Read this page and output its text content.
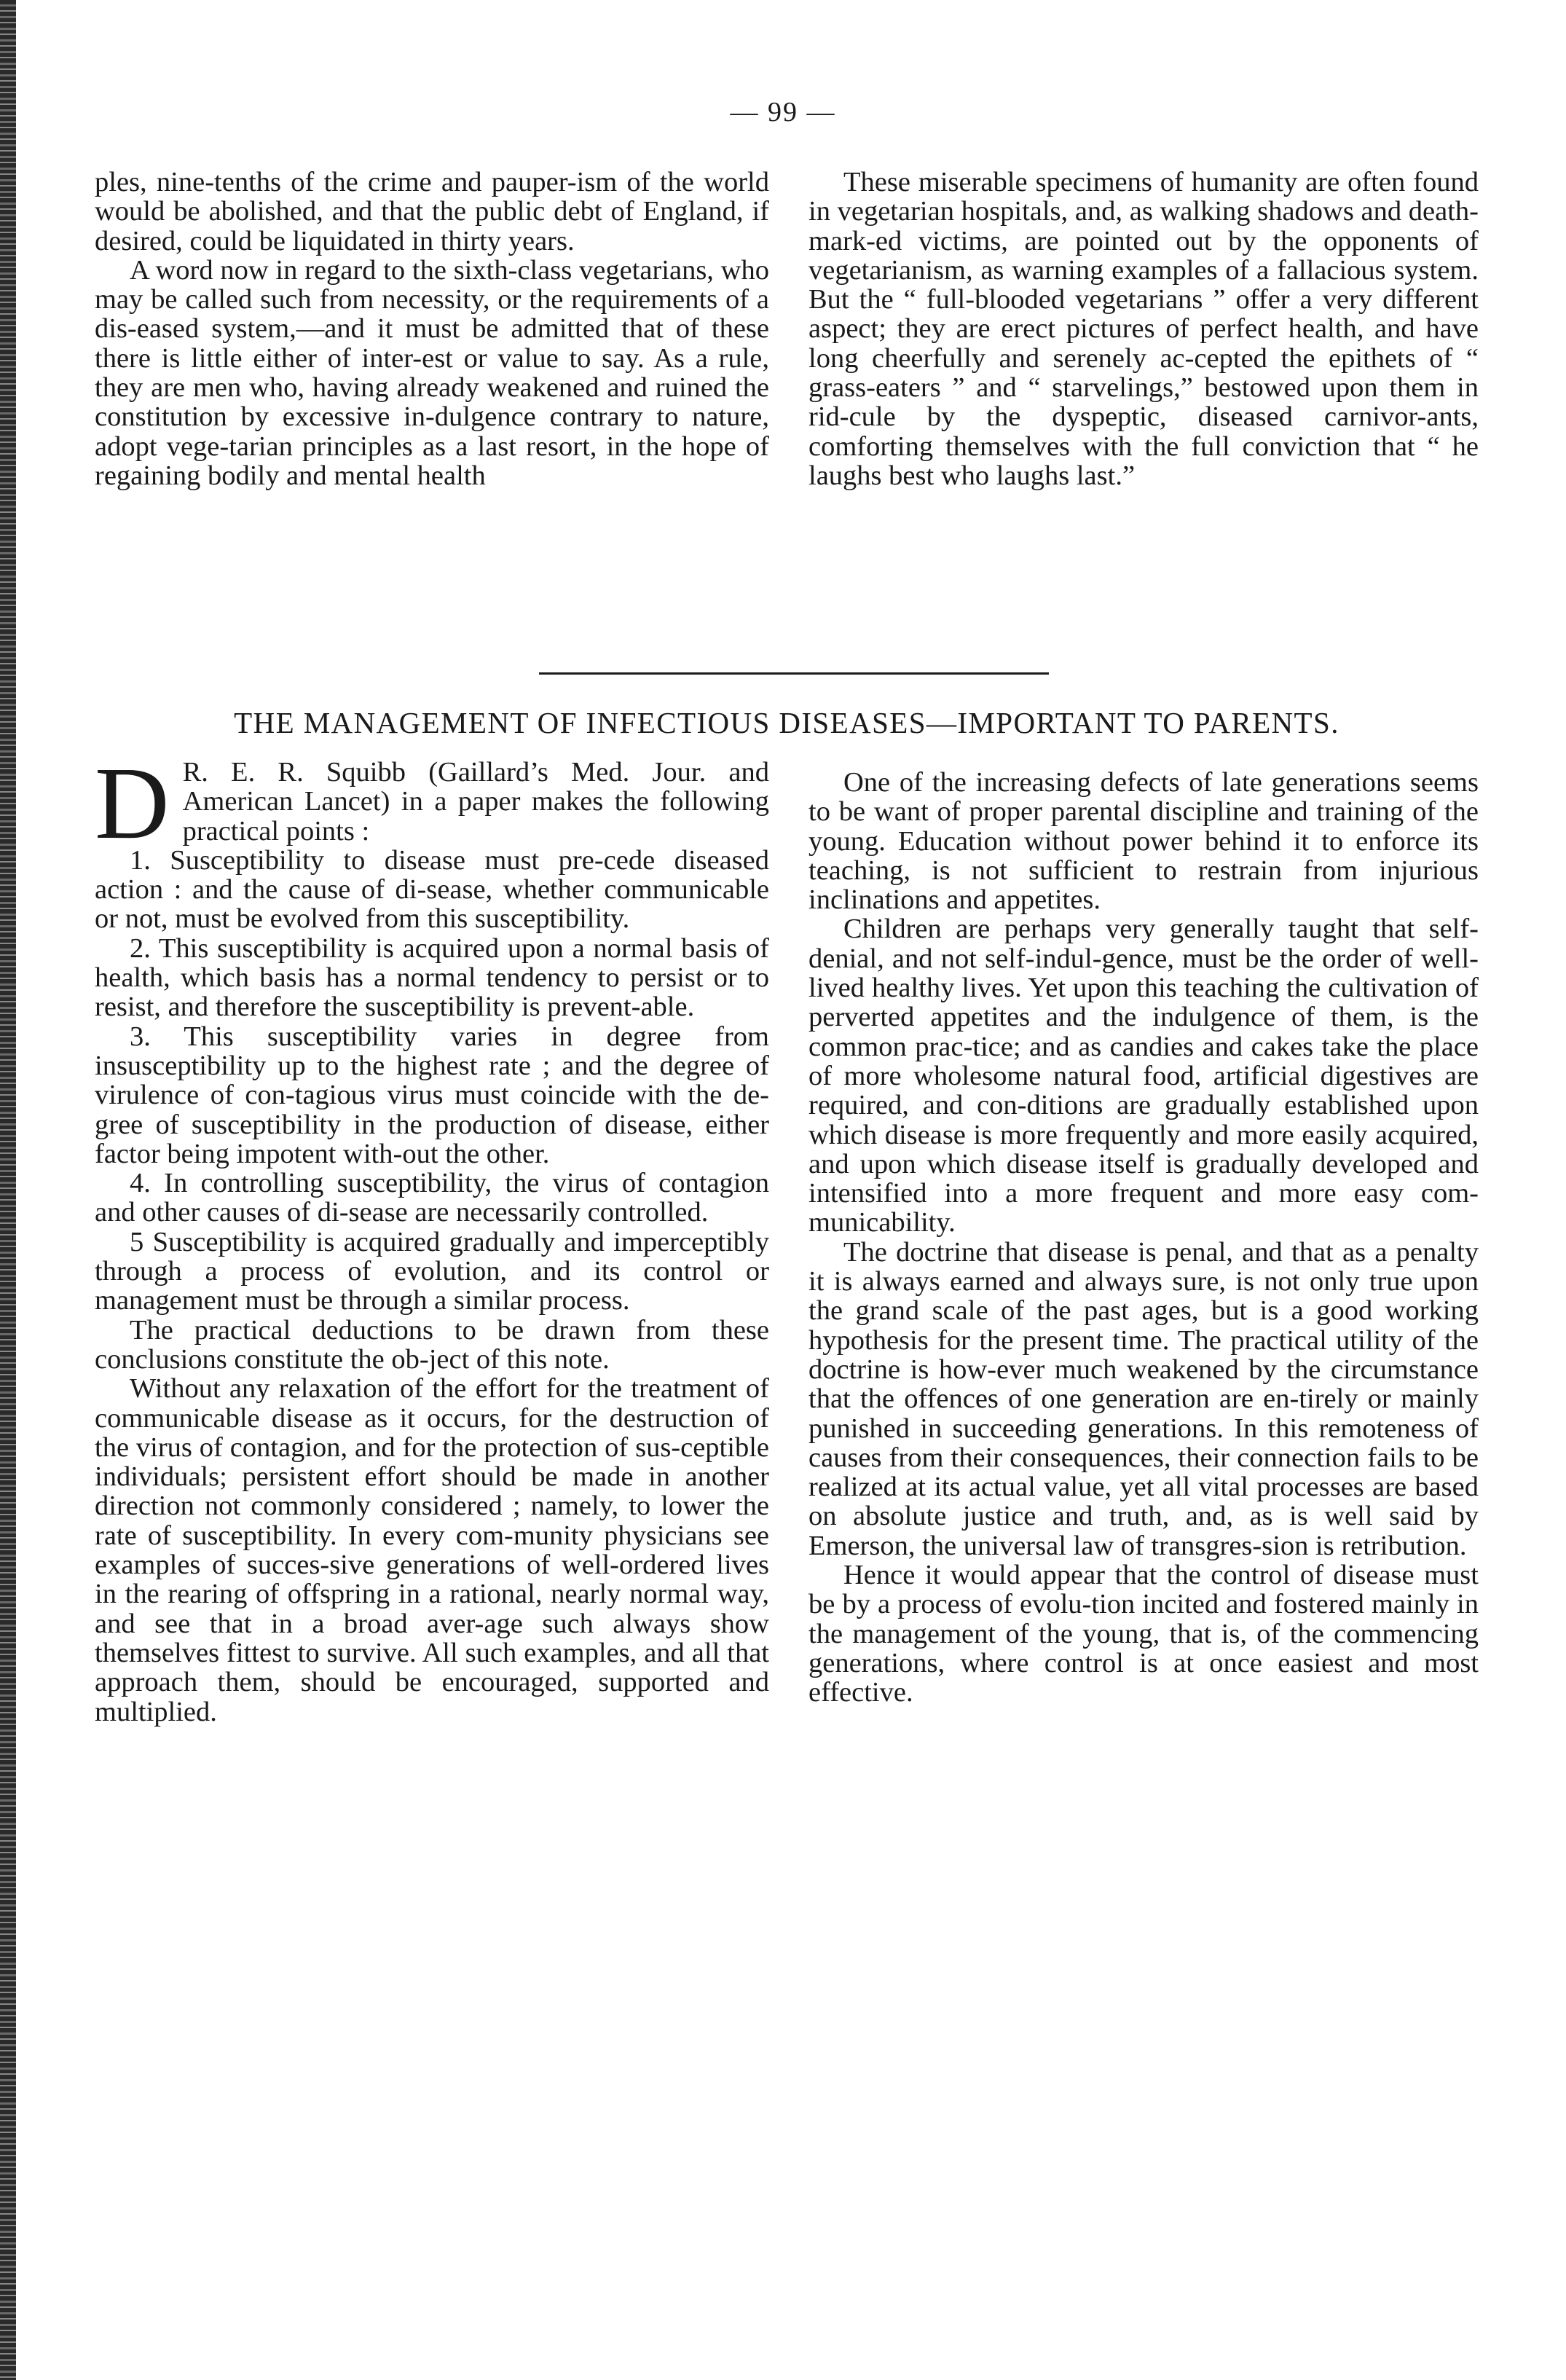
— 99 —

ples, nine-tenths of the crime and pauper-ism of the world would be abolished, and that the public debt of England, if desired, could be liquidated in thirty years.

A word now in regard to the sixth-class vegetarians, who may be called such from necessity, or the requirements of a dis-eased system,—and it must be admitted that of these there is little either of inter-est or value to say. As a rule, they are men who, having already weakened and ruined the constitution by excessive in-dulgence contrary to nature, adopt vege-tarian principles as a last resort, in the hope of regaining bodily and mental health

These miserable specimens of humanity are often found in vegetarian hospitals, and, as walking shadows and death-mark-ed victims, are pointed out by the opponents of vegetarianism, as warning examples of a fallacious system. But the “ full-blooded vegetarians ” offer a very different aspect; they are erect pictures of perfect health, and have long cheerfully and serenely ac-cepted the epithets of “ grass-eaters ” and “ starvelings,” bestowed upon them in rid-cule by the dyspeptic, diseased carnivor-ants, comforting themselves with the full conviction that “ he laughs best who laughs last.”

THE MANAGEMENT OF INFECTIOUS DISEASES—IMPORTANT TO PARENTS.

D R. E. R. Squibb (Gaillard’s Med. Jour. and American Lancet) in a paper makes the following practical points :

1. Susceptibility to disease must pre-cede diseased action : and the cause of di-sease, whether communicable or not, must be evolved from this susceptibility.

2. This susceptibility is acquired upon a normal basis of health, which basis has a normal tendency to persist or to resist, and therefore the susceptibility is prevent-able.

3. This susceptibility varies in degree from insusceptibility up to the highest rate ; and the degree of virulence of con-tagious virus must coincide with the de-gree of susceptibility in the production of disease, either factor being impotent with-out the other.

4. In controlling susceptibility, the virus of contagion and other causes of di-sease are necessarily controlled.

5 Susceptibility is acquired gradually and imperceptibly through a process of evolution, and its control or management must be through a similar process.

The practical deductions to be drawn from these conclusions constitute the ob-ject of this note.

Without any relaxation of the effort for the treatment of communicable disease as it occurs, for the destruction of the virus of contagion, and for the protection of sus-ceptible individuals; persistent effort should be made in another direction not commonly considered ; namely, to lower the rate of susceptibility. In every com-munity physicians see examples of succes-sive generations of well-ordered lives in the rearing of offspring in a rational, nearly normal way, and see that in a broad aver-age such always show themselves fittest to survive. All such examples, and all that approach them, should be encouraged, supported and multiplied.

One of the increasing defects of late generations seems to be want of proper parental discipline and training of the young. Education without power behind it to enforce its teaching, is not sufficient to restrain from injurious inclinations and appetites.

Children are perhaps very generally taught that self-denial, and not self-indul-gence, must be the order of well-lived healthy lives. Yet upon this teaching the cultivation of perverted appetites and the indulgence of them, is the common prac-tice; and as candies and cakes take the place of more wholesome natural food, artificial digestives are required, and con-ditions are gradually established upon which disease is more frequently and more easily acquired, and upon which disease itself is gradually developed and intensified into a more frequent and more easy com-municability.

The doctrine that disease is penal, and that as a penalty it is always earned and always sure, is not only true upon the grand scale of the past ages, but is a good working hypothesis for the present time. The practical utility of the doctrine is how-ever much weakened by the circumstance that the offences of one generation are en-tirely or mainly punished in succeeding generations. In this remoteness of causes from their consequences, their connection fails to be realized at its actual value, yet all vital processes are based on absolute justice and truth, and, as is well said by Emerson, the universal law of transgres-sion is retribution.

Hence it would appear that the control of disease must be by a process of evolu-tion incited and fostered mainly in the management of the young, that is, of the commencing generations, where control is at once easiest and most effective.
